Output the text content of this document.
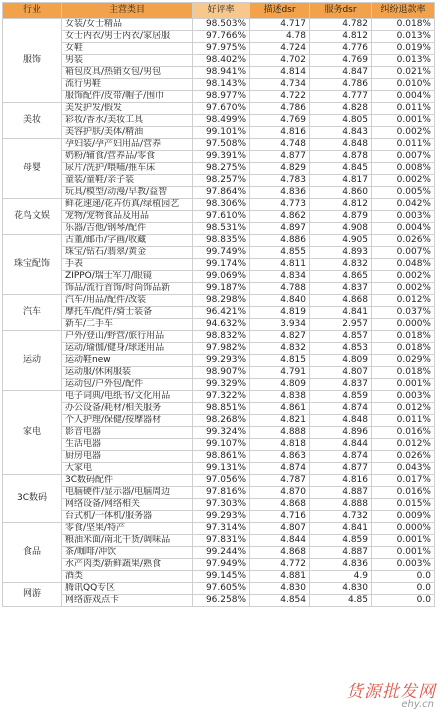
行业	主营类目	好评率	描述dsr	服务dsr	纠纷退款率
服饰	女装/女士精品	98.503%	4.717	4.782	0.018%
	女士内衣/男士内衣/家居服	97.766%	4.78	4.812	0.013%
	女鞋	97.975%	4.724	4.776	0.019%
	男装	98.402%	4.702	4.769	0.013%
	箱包皮具/热销女包/男包	98.941%	4.814	4.847	0.021%
	流行男鞋	98.143%	4.734	4.786	0.010%
	服饰配件/皮带/帽子/围巾	98.977%	4.722	4.777	0.004%
美妆	美发护发/假发	97.670%	4.786	4.828	0.011%
	彩妆/香水/美妆工具	98.499%	4.769	4.805	0.001%
	美容护肤/美体/精油	99.101%	4.816	4.843	0.002%
母婴	孕妇装/孕产妇用品/营养	97.508%	4.748	4.848	0.011%
	奶粉/辅食/营养品/零食	99.391%	4.877	4.878	0.007%
	尿片/洗护/喂哺/推车床	98.275%	4.829	4.845	0.008%
	童装/童鞋/亲子装	98.257%	4.783	4.817	0.002%
	玩具/模型/动漫/早教/益智	97.864%	4.836	4.860	0.005%
花鸟文娱	鲜花速递/花卉仿真/绿植园艺	98.306%	4.773	4.812	0.042%
	宠物/宠物食品及用品	97.610%	4.862	4.879	0.003%
	乐器/吉他/钢琴/配件	98.531%	4.897	4.908	0.004%
珠宝配饰	古董/邮币/字画/收藏	98.835%	4.886	4.905	0.026%
	珠宝/钻石/翡翠/黄金	99.749%	4.855	4.893	0.007%
	手表	99.174%	4.811	4.832	0.048%
	ZIPPO/瑞士军刀/眼镜	99.069%	4.834	4.865	0.002%
	饰品/流行首饰/时尚饰品新	99.187%	4.788	4.837	0.002%
汽车	汽车/用品/配件/改装	98.298%	4.840	4.868	0.012%
	摩托车/配件/骑士装备	96.421%	4.819	4.841	0.037%
	新车/二手车	94.632%	3.934	2.957	0.000%
运动	户外/登山/野营/旅行用品	98.832%	4.827	4.857	0.018%
	运动/瑜伽/健身/球迷用品	97.982%	4.832	4.853	0.018%
	运动鞋new	99.293%	4.815	4.809	0.029%
	运动服/休闲服装	98.907%	4.791	4.807	0.018%
	运动包/户外包/配件	99.329%	4.809	4.837	0.001%
家电	电子词典/电纸书/文化用品	97.322%	4.838	4.859	0.003%
	办公设备/耗材/相关服务	98.851%	4.861	4.874	0.012%
	个人护理/保健/按摩器材	98.268%	4.821	4.848	0.011%
	影音电器	99.324%	4.888	4.896	0.016%
	生活电器	99.107%	4.818	4.844	0.012%
	厨房电器	98.861%	4.863	4.874	0.026%
	大家电	99.131%	4.874	4.877	0.043%
3C数码	3C数码配件	97.056%	4.787	4.816	0.017%
	电脑硬件/显示器/电脑周边	97.816%	4.870	4.887	0.016%
	网络设备/网络相关	97.303%	4.868	4.888	0.015%
	台式机/一体机/服务器	99.293%	4.716	4.732	0.009%
食品	零食/坚果/特产	97.314%	4.807	4.841	0.000%
	粮油米面/南北干货/调味品	97.831%	4.844	4.859	0.001%
	茶/咖啡/冲饮	99.244%	4.868	4.887	0.001%
	水产肉类/新鲜蔬果/熟食	97.949%	4.772	4.836	0.003%
	酒类	99.145%	4.881	4.9	0.0
网游	腾讯QQ专区	97.605%	4.830	4.830	0.0
	网络游戏点卡	96.258%	4.854	4.85	0.0
货源批发网
ehy.cn
